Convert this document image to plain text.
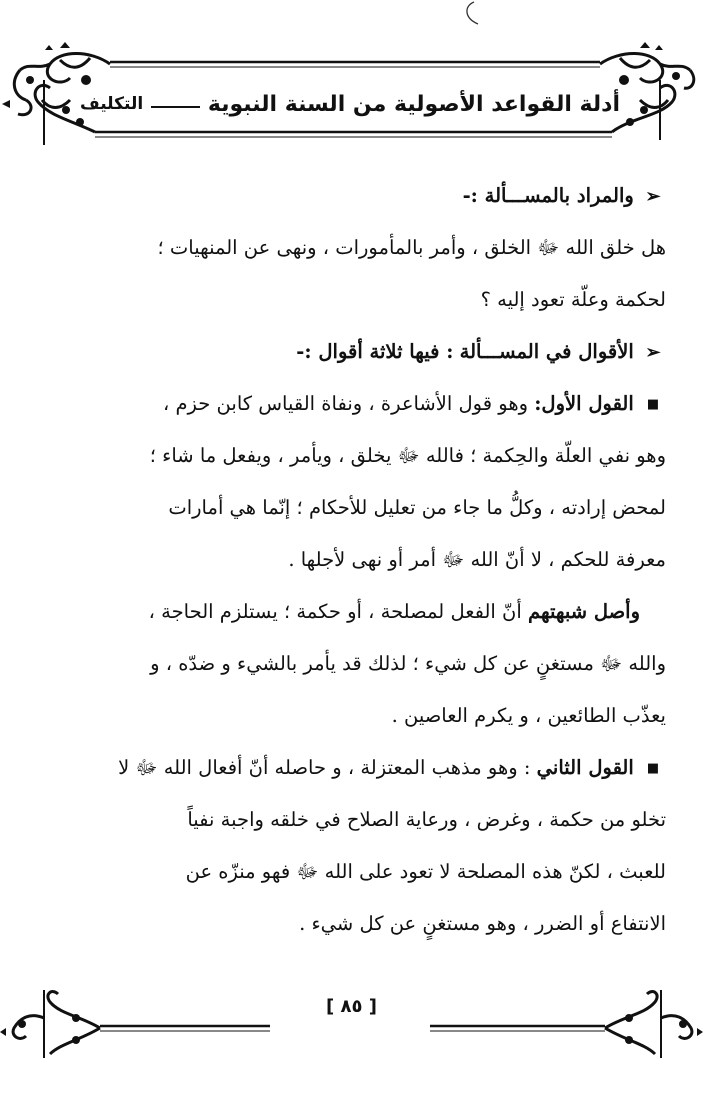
أدلة القواعد الأصولية من السنة النبوية
التكليف
➢ والمراد بالمســـألة :-
هل خلق الله ﷻ الخلق ، وأمر بالمأمورات ، ونهى عن المنهيات ؛
لحكمة وعلّة تعود إليه ؟
➢ الأقوال في المســـألة : فيها ثلاثة أقوال :-
■ القول الأول: وهو قول الأشاعرة ، ونفاة القياس كابن حزم ،
وهو نفي العلّة والحِكمة ؛ فالله ﷻ يخلق ، ويأمر ، ويفعل ما شاء ؛
لمحض إرادته ، وكلُّ ما جاء من تعليل للأحكام ؛ إنّما هي أمارات
معرفة للحكم ، لا أنّ الله ﷻ أمر أو نهى لأجلها .
وأصل شبهتهم أنّ الفعل لمصلحة ، أو حكمة ؛ يستلزم الحاجة ،
والله ﷻ مستغنٍ عن كل شيء ؛ لذلك قد يأمر بالشيء و ضدّه ، و
يعذّب الطائعين ، و يكرم العاصين .
■ القول الثاني : وهو مذهب المعتزلة ، و حاصله أنّ أفعال الله ﷻ لا
تخلو من حكمة ، وغرض ، ورعاية الصلاح في خلقه واجبة نفياً
للعبث ، لكنّ هذه المصلحة لا تعود على الله ﷻ فهو منزّه عن
الانتفاع أو الضرر ، وهو مستغنٍ عن كل شيء .
[ ٨٥ ]
